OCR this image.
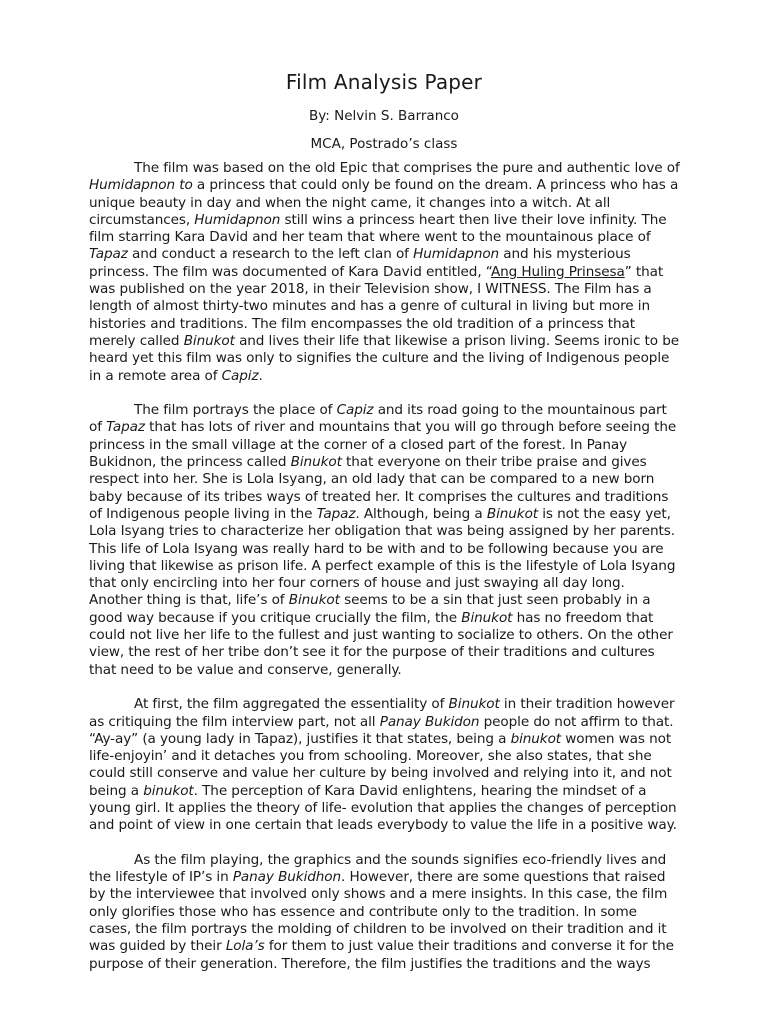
Film Analysis Paper
By: Nelvin S. Barranco
MCA, Postrado’s class

The film was based on the old Epic that comprises the pure and authentic love of
Humidapnon to a princess that could only be found on the dream. A princess who has a
unique beauty in day and when the night came, it changes into a witch. At all
circumstances, Humidapnon still wins a princess heart then live their love infinity. The
film starring Kara David and her team that where went to the mountainous place of
Tapaz and conduct a research to the left clan of Humidapnon and his mysterious
princess. The film was documented of Kara David entitled, “Ang Huling Prinsesa” that
was published on the year 2018, in their Television show, I WITNESS. The Film has a
length of almost thirty-two minutes and has a genre of cultural in living but more in
histories and traditions. The film encompasses the old tradition of a princess that
merely called Binukot and lives their life that likewise a prison living. Seems ironic to be
heard yet this film was only to signifies the culture and the living of Indigenous people
in a remote area of Capiz.

The film portrays the place of Capiz and its road going to the mountainous part
of Tapaz that has lots of river and mountains that you will go through before seeing the
princess in the small village at the corner of a closed part of the forest. In Panay
Bukidnon, the princess called Binukot that everyone on their tribe praise and gives
respect into her. She is Lola Isyang, an old lady that can be compared to a new born
baby because of its tribes ways of treated her. It comprises the cultures and traditions
of Indigenous people living in the Tapaz. Although, being a Binukot is not the easy yet,
Lola Isyang tries to characterize her obligation that was being assigned by her parents.
This life of Lola Isyang was really hard to be with and to be following because you are
living that likewise as prison life. A perfect example of this is the lifestyle of Lola Isyang
that only encircling into her four corners of house and just swaying all day long.
Another thing is that, life’s of Binukot seems to be a sin that just seen probably in a
good way because if you critique crucially the film, the Binukot has no freedom that
could not live her life to the fullest and just wanting to socialize to others. On the other
view, the rest of her tribe don’t see it for the purpose of their traditions and cultures
that need to be value and conserve, generally.

At first, the film aggregated the essentiality of Binukot in their tradition however
as critiquing the film interview part, not all Panay Bukidon people do not affirm to that.
“Ay-ay” (a young lady in Tapaz), justifies it that states, being a binukot women was not
life-enjoyin’ and it detaches you from schooling. Moreover, she also states, that she
could still conserve and value her culture by being involved and relying into it, and not
being a binukot. The perception of Kara David enlightens, hearing the mindset of a
young girl. It applies the theory of life- evolution that applies the changes of perception
and point of view in one certain that leads everybody to value the life in a positive way.

As the film playing, the graphics and the sounds signifies eco-friendly lives and
the lifestyle of IP’s in Panay Bukidhon. However, there are some questions that raised
by the interviewee that involved only shows and a mere insights. In this case, the film
only glorifies those who has essence and contribute only to the tradition. In some
cases, the film portrays the molding of children to be involved on their tradition and it
was guided by their Lola’s for them to just value their traditions and converse it for the
purpose of their generation. Therefore, the film justifies the traditions and the ways
